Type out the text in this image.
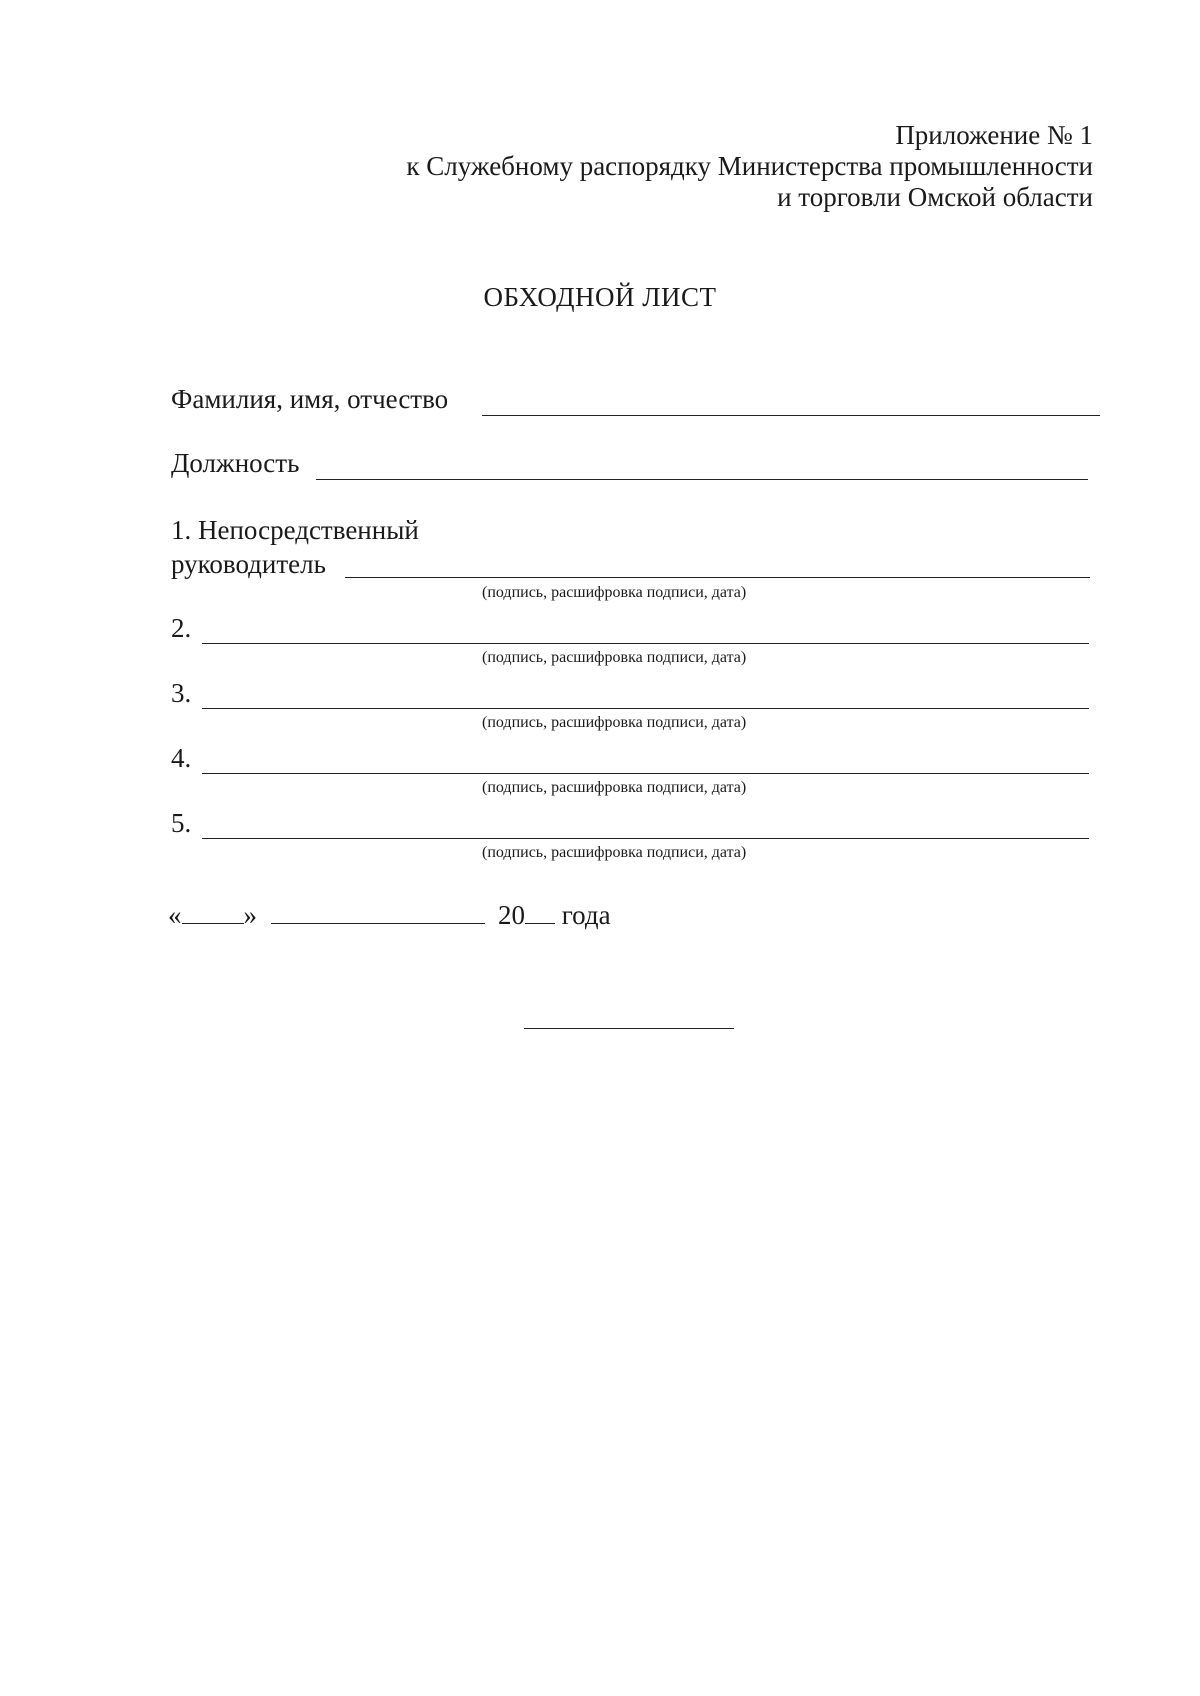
Приложение № 1
к Служебному распорядку Министерства промышленности
и торговли Омской области
ОБХОДНОЙ ЛИСТ
Фамилия, имя, отчество
Должность
1. Непосредственный
руководитель
(подпись, расшифровка подписи, дата)
2.
(подпись, расшифровка подписи, дата)
3.
(подпись, расшифровка подписи, дата)
4.
(подпись, расшифровка подписи, дата)
5.
(подпись, расшифровка подписи, дата)
« »	20 года
